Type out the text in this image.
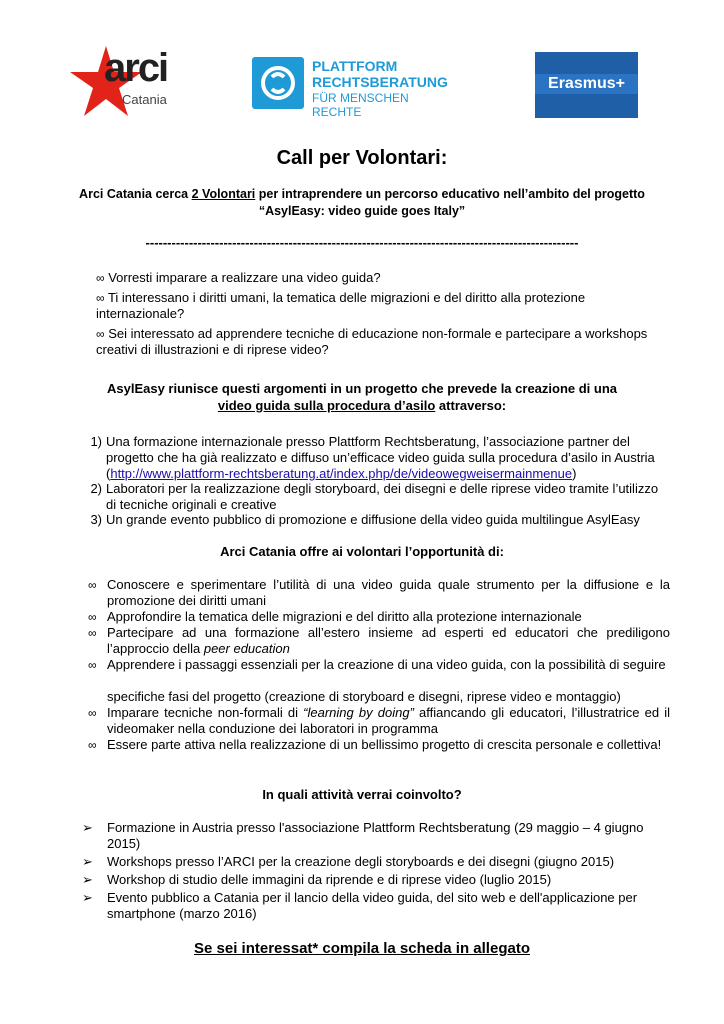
arci
Catania
PLATTFORM
RECHTSBERATUNG
FÜR MENSCHEN RECHTE
Erasmus+
Call per Volontari:
Arci Catania cerca 2 Volontari per intraprendere un percorso educativo nell’ambito del progetto
“AsylEasy: video guide goes Italy”
----------------------------------------------------------------------------------------------------
∞ Vorresti imparare a realizzare una video guida?
∞ Ti interessano i diritti umani, la tematica delle migrazioni e del diritto alla protezione internazionale?
∞ Sei interessato ad apprendere tecniche di educazione non-formale e partecipare a workshops creativi di illustrazioni e di riprese video?
AsylEasy riunisce questi argomenti in un progetto che prevede la creazione di una
video guida sulla procedura d’asilo attraverso:
1) Una formazione internazionale presso Plattform Rechtsberatung, l’associazione partner del progetto che ha già realizzato e diffuso un’efficace video guida sulla procedura d’asilo in Austria (http://www.plattform-rechtsberatung.at/index.php/de/videowegweisermainmenue)
2) Laboratori per la realizzazione degli storyboard, dei disegni e delle riprese video tramite l’utilizzo di tecniche originali e creative
3) Un grande evento pubblico di promozione e diffusione della video guida multilingue AsylEasy
Arci Catania offre ai volontari l’opportunità di:
∞ Conoscere e sperimentare l’utilità di una video guida quale strumento per la diffusione e la promozione dei diritti umani
∞ Approfondire la tematica delle migrazioni e del diritto alla protezione internazionale
∞ Partecipare ad una formazione all’estero insieme ad esperti ed educatori che prediligono l’approccio della peer education
∞ Apprendere i passaggi essenziali per la creazione di una video guida, con la possibilità di seguire
specifiche fasi del progetto (creazione di storyboard e disegni, riprese video e montaggio)
∞ Imparare tecniche non-formali di “learning by doing” affiancando gli educatori, l’illustratrice ed il videomaker nella conduzione dei laboratori in programma
∞ Essere parte attiva nella realizzazione di un bellissimo progetto di crescita personale e collettiva!
In quali attività verrai coinvolto?
➢ Formazione in Austria presso l'associazione Plattform Rechtsberatung (29 maggio – 4 giugno 2015)
➢ Workshops presso l’ARCI per la creazione degli storyboards e dei disegni (giugno 2015)
➢ Workshop di studio delle immagini da riprende e di riprese video (luglio 2015)
➢ Evento pubblico a Catania per il lancio della video guida, del sito web e dell'applicazione per smartphone (marzo 2016)
Se sei interessat* compila la scheda in allegato
